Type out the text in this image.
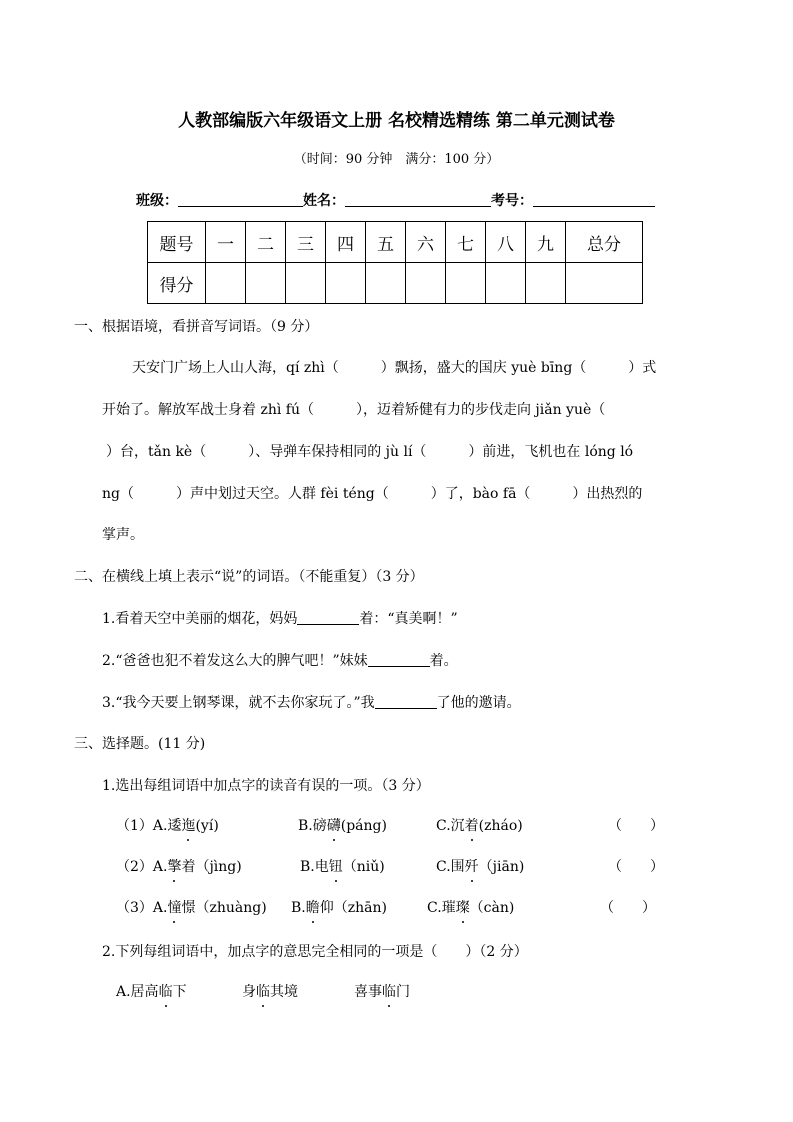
人教部编版六年级语文上册 名校精选精练 第二单元测试卷
（时间：90 分钟　满分：100 分）
班级：	姓名：	考号：
题号	一	二	三	四	五	六	七	八	九	总分
得分										
一、根据语境，看拼音写词语。（9 分）
天安门广场上人山人海，qí zhì（　　　）飘扬，盛大的国庆 yuè bīng（　　　）式
开始了。解放军战士身着 zhì fú（　　　），迈着矫健有力的步伐走向 jiǎn yuè（
）台，tǎn kè（　　　）、导弹车保持相同的 jù lí（　　　）前进，飞机也在 lóng ló
ng（　　　）声中划过天空。人群 fèi téng（　　　）了，bào fā（　　　）出热烈的
掌声。
二、在横线上填上表示“说”的词语。（不能重复）（3 分）
1.看着天空中美丽的烟花，妈妈	着：“真美啊！”
2.“爸爸也犯不着发这么大的脾气吧！”妹妹	着。
3.“我今天要上钢琴课，就不去你家玩了。”我	了他的邀请。
三、选择题。(11 分)
1.选出每组词语中加点字的读音有误的一项。（3 分）
（1）A.逶迤(yí)	B.磅礴(páng)	C.沉着(zháo)	（　　）
（2）A.擎着（jìng)	B.电钮（niǔ)	C.围歼（jiān)	（　　）
（3）A.憧憬（zhuàng) B.瞻仰（zhān)	C.璀璨（càn)	（　　）
2.下列每组词语中，加点字的意思完全相同的一项是（　　）（2 分）
A.居高临下	身临其境	喜事临门
